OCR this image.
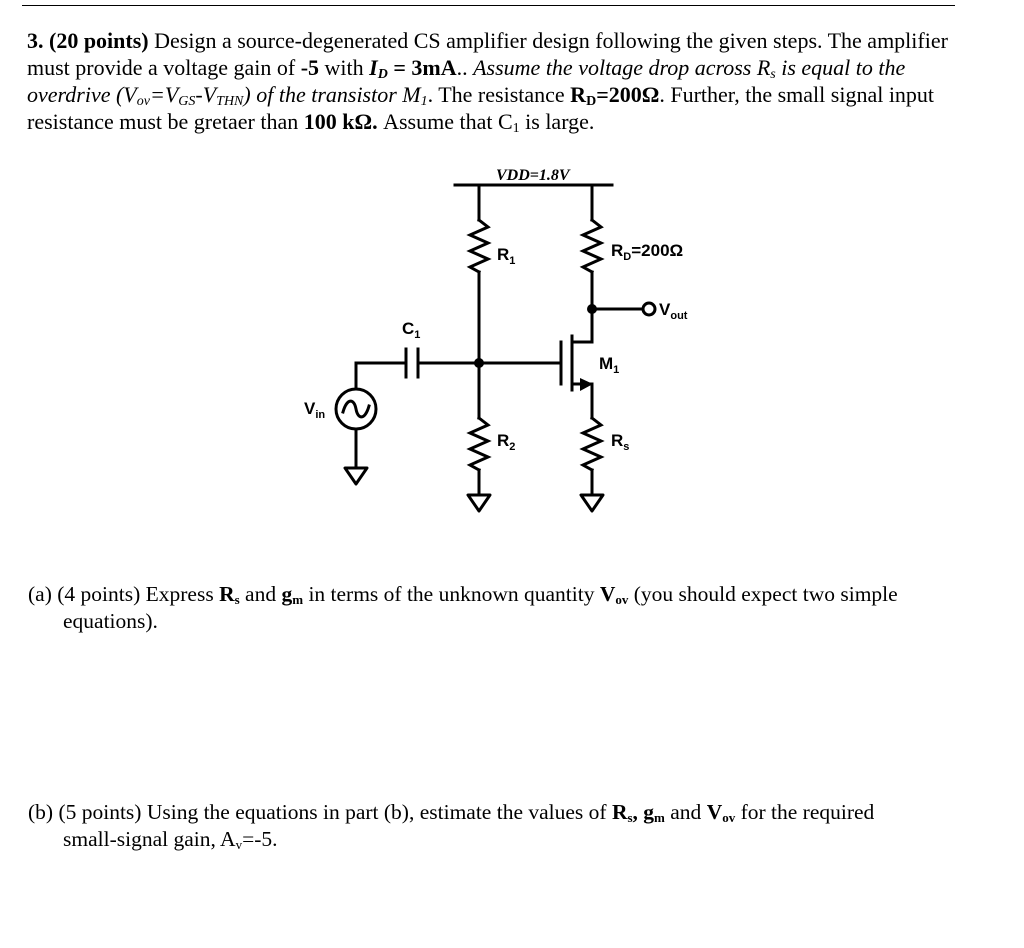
3. (20 points) Design a source-degenerated CS amplifier design following the given steps. The amplifier must provide a voltage gain of -5 with $I_D = 3mA$.. Assume the voltage drop across $R_s$ is equal to the overdrive $(V_{ov}=V_{GS}-V_{THN})$ of the transistor $M_1$. The resistance $R_D=200\Omega$. Further, the small signal input resistance must be gretaer than 100 kΩ. Assume that $C_1$ is large.
VDD=1.8V
$R_1$
$R_D=200\Omega$
$V_{out}$
$C_1$
$M_1$
$V_{in}$
$R_2$	$R_s$
(a) (4 points) Express $R_s$ and $g_m$ in terms of the unknown quantity $V_{ov}$ (you should expect two simple
equations).
(b) (5 points) Using the equations in part (b), estimate the values of $R_s$, $g_m$ and $V_{ov}$ for the required
small-signal gain, $A_v=-5$.
